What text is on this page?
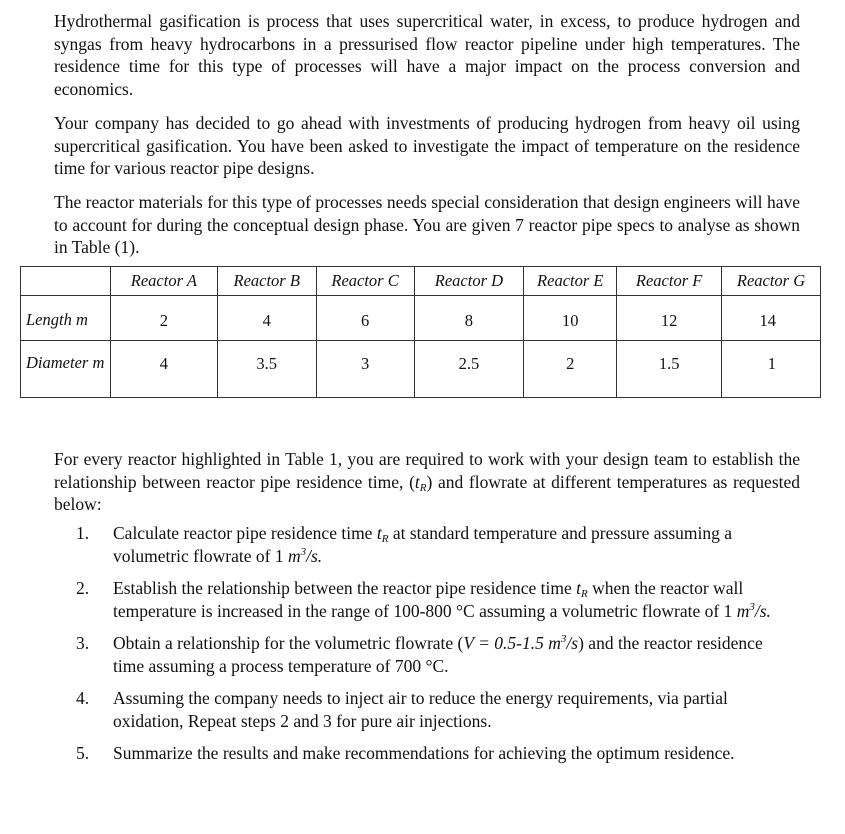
Hydrothermal gasification is process that uses supercritical water, in excess, to produce hydrogen and syngas from heavy hydrocarbons in a pressurised flow reactor pipeline under high temperatures. The residence time for this type of processes will have a major impact on the process conversion and economics.

Your company has decided to go ahead with investments of producing hydrogen from heavy oil using supercritical gasification. You have been asked to investigate the impact of temperature on the residence time for various reactor pipe designs.

The reactor materials for this type of processes needs special consideration that design engineers will have to account for during the conceptual design phase. You are given 7 reactor pipe specs to analyse as shown in Table (1).

	Reactor A	Reactor B	Reactor C	Reactor D	Reactor E	Reactor F	Reactor G
Length m	2	4	6	8	10	12	14
Diameter m	4	3.5	3	2.5	2	1.5	1

For every reactor highlighted in Table 1, you are required to work with your design team to establish the relationship between reactor pipe residence time, $(t_R)$ and flowrate at different temperatures as requested below:

1. Calculate reactor pipe residence time $t_R$ at standard temperature and pressure assuming a volumetric flowrate of 1 $m^3/s$.
2. Establish the relationship between the reactor pipe residence time $t_R$ when the reactor wall temperature is increased in the range of 100-800 °C assuming a volumetric flowrate of 1 $m^3/s$.
3. Obtain a relationship for the volumetric flowrate (V = 0.5-1.5 $m^3/s$) and the reactor residence time assuming a process temperature of 700 °C.
4. Assuming the company needs to inject air to reduce the energy requirements, via partial oxidation, Repeat steps 2 and 3 for pure air injections.
5. Summarize the results and make recommendations for achieving the optimum residence.
